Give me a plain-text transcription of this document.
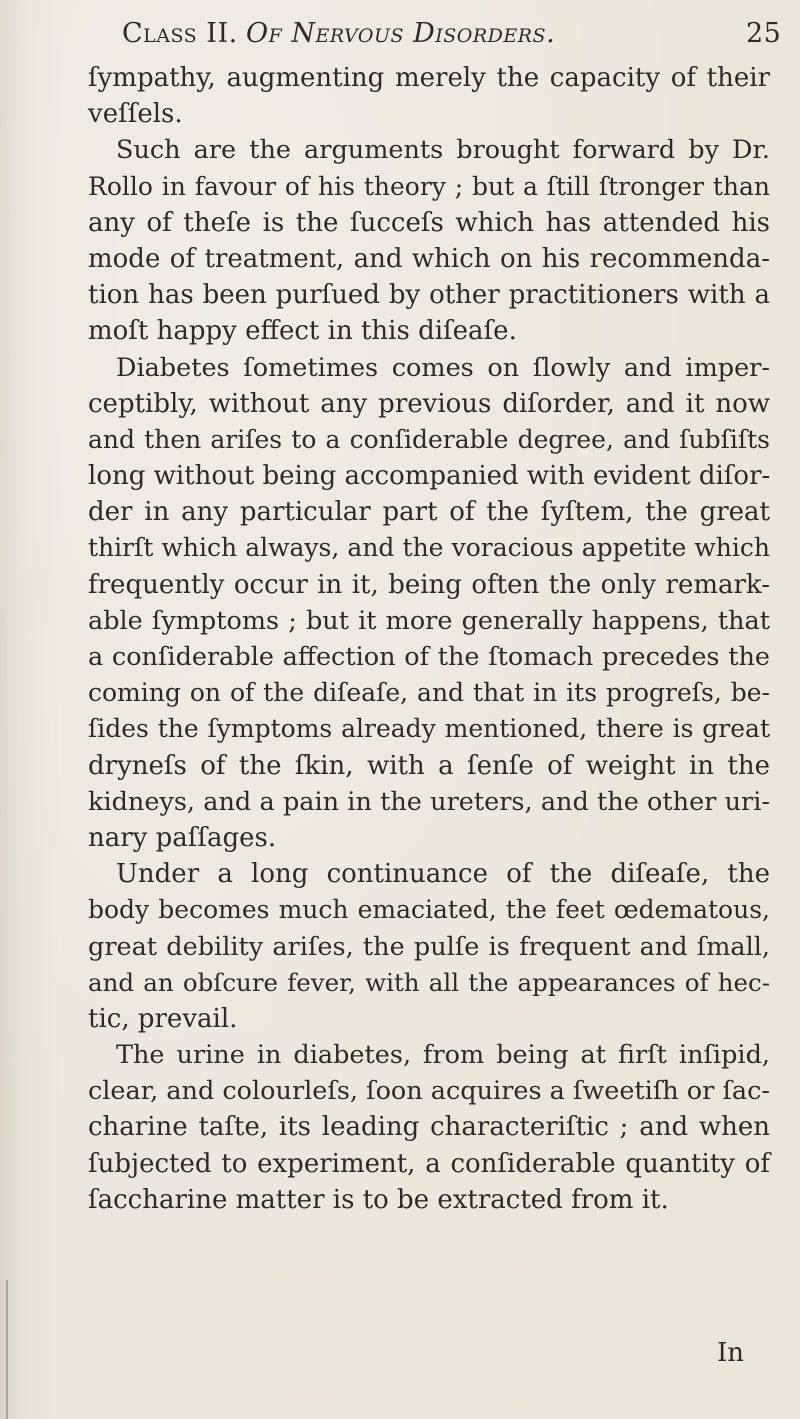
Class II. Of Nervous Disorders.	25
ſympathy, augmenting merely the capacity of their
veſſels.
Such are the arguments brought forward by Dr.
Rollo in favour of his theory ; but a ſtill ſtronger than
any of theſe is the ſucceſs which has attended his
mode of treatment, and which on his recommenda-
tion has been purſued by other practitioners with a
moſt happy effect in this diſeaſe.
Diabetes ſometimes comes on ſlowly and imper-
ceptibly, without any previous diſorder, and it now
and then ariſes to a conſiderable degree, and ſubſiſts
long without being accompanied with evident diſor-
der in any particular part of the ſyſtem, the great
thirſt which always, and the voracious appetite which
frequently occur in it, being often the only remark-
able ſymptoms ; but it more generally happens, that
a conſiderable affection of the ſtomach precedes the
coming on of the diſeaſe, and that in its progreſs, be-
ſides the ſymptoms already mentioned, there is great
dryneſs of the ſkin, with a ſenſe of weight in the
kidneys, and a pain in the ureters, and the other uri-
nary paſſages.
Under a long continuance of the diſeaſe, the
body becomes much emaciated, the feet œdematous,
great debility ariſes, the pulſe is frequent and ſmall,
and an obſcure fever, with all the appearances of hec-
tic, prevail.
The urine in diabetes, from being at firſt inſipid,
clear, and colourleſs, ſoon acquires a ſweetiſh or ſac-
charine taſte, its leading characteriſtic ; and when
ſubjected to experiment, a conſiderable quantity of
ſaccharine matter is to be extracted from it.
In
